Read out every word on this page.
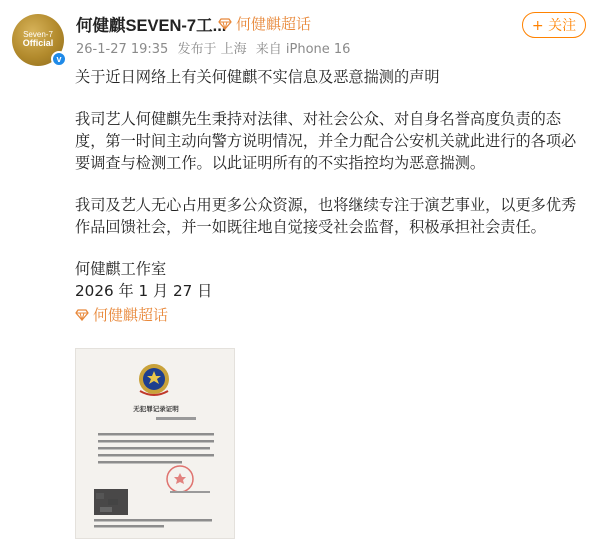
Seven-7
Official
v
何健麒SEVEN-7工... 何健麒超话	+ 关注
26-1-27 19:35 发布于 上海 来自 iPhone 16

关于近日网络上有关何健麒不实信息及恶意揣测的声明

我司艺人何健麒先生秉持对法律、对社会公众、对自身名誉高度负责的态度，第一时间主动向警方说明情况，并全力配合公安机关就此进行的各项必要调查与检测工作。以此证明所有的不实指控均为恶意揣测。

我司及艺人无心占用更多公众资源，也将继续专注于演艺事业，以更多优秀作品回馈社会，并一如既往地自觉接受社会监督，积极承担社会责任。

何健麒工作室

2026 年 1 月 27 日

何健麒超话
无犯罪记录证明
